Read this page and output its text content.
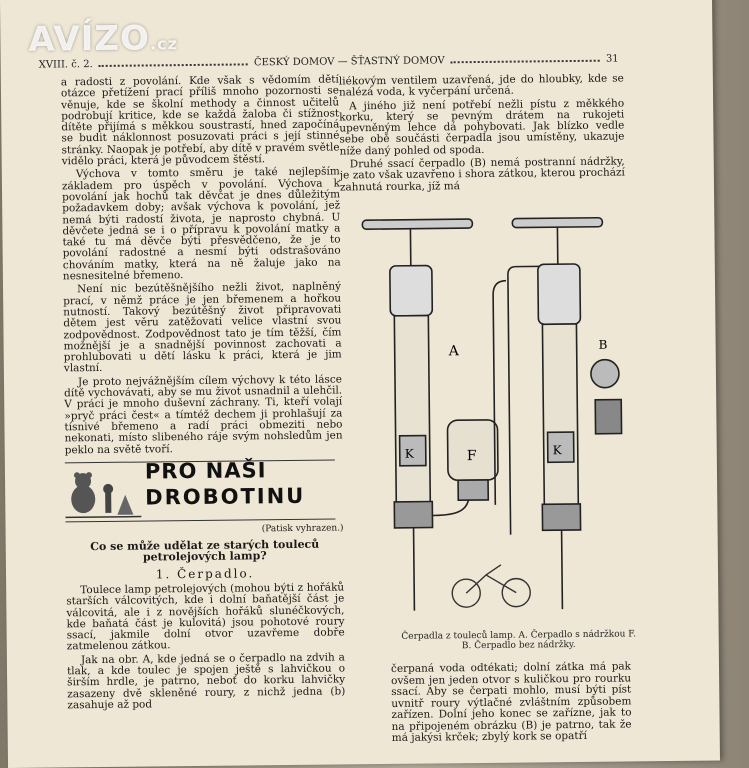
AVÍZO.cz
XVIII. č. 2.	ČESKÝ DOMOV — ŠŤASTNÝ DOMOV	31

a radosti z povolání. Kde však s vědomím dětí otázce přetížení prací příliš mnoho pozornosti se věnuje, kde se školní methody a činnost učitelů podrobují kritice, kde se každá žaloba či stížnost dítěte přijímá s měkkou soustrastí, hned započíná se budit náklonnost posuzovati práci s její stinné stránky. Naopak je potřebí, aby dítě v pravém světle vidělo práci, která je původcem štěstí.

Výchova v tomto směru je také nejlepším základem pro úspěch v povolání. Výchova k povolání jak hochů tak děvčat je dnes důležitým požadavkem doby; avšak výchova k povolání, jež nemá býti radostí života, je naprosto chybná. U děvčete jedná se i o přípravu k povolání matky a také tu má děvče býti přesvědčeno, že je to povolání radostné a nesmí býti odstrašováno chováním matky, která na ně žaluje jako na nesnesitelné břemeno.

Není nic bezútěšnějšího nežli život, naplněný prací, v němž práce je jen břemenem a hořkou nutností. Takový bezútěšný život připravovati dětem jest věru zatěžovati velice vlastní svou zodpovědnost. Zodpovědnost tato je tím těžší, čím možnější je a snadnější povinnost zachovati a prohlubovati u dětí lásku k práci, která je jim vlastní.

Je proto nejvážnějším cílem výchovy k této lásce dítě vychovávati, aby se mu život usnadnil a ulehčil. V práci je mnoho duševní záchrany. Ti, kteří volají »pryč práci čest« a tímtéž dechem ji prohlašují za tísnivé břemeno a radí práci obmeziti nebo nekonati, místo slibeného ráje svým nohsledům jen peklo na světě tvoří.

PRO NAŠI
DROBOTINU
(Patisk vyhrazen.)
Co se může udělat ze starých touleců petrolejových lamp?
1. Čerpadlo.

Toulece lamp petrolejových (mohou býti z hořáků starších válcovitých, kde i dolní baňatější část je válcovitá, ale i z novějších hořáků slunéčkových, kde baňatá část je kulovitá) jsou pohotové roury ssací, jakmile dolní otvor uzavřeme dobře zatmelenou zátkou.

Jak na obr. A, kde jedná se o čerpadlo na zdvih a tlak, a kde toulec je spojen ještě s lahvičkou o širším hrdle, je patrno, neboť do korku lahvičky zasazeny dvě skleněné roury, z nichž jedna (b) zasahuje až pod

liékovým ventilem uzavřená, jde do hloubky, kde se nalézá voda, k vyčerpání určená.

A jiného již není potřebí nežli pístu z měkkého korku, který se pevným drátem na rukojeti upevněným lehce dá pohybovati. Jak blízko vedle sebe obě součásti čerpadla jsou umístěny, ukazuje níže daný pohled od spoda.

Druhé ssací čerpadlo (B) nemá postranní nádržky, je zato však uzavřeno i shora zátkou, kterou prochází zahnutá rourka, jíž má

A	B
F
K	K
Čerpadla z touleců lamp. A. Čerpadlo s nádržkou F.
B. Čerpadlo bez nádržky.

čerpaná voda odtékati; dolní zátka má pak ovšem jen jeden otvor s kuličkou pro rourku ssací. Aby se čerpati mohlo, musí býti píst uvnitř roury výtlačné zvláštním způsobem zařízen. Dolní jeho konec se zařízne, jak to na připojeném obrázku (B) je patrno, tak že má jakýsi krček; zbylý kork se opatří
